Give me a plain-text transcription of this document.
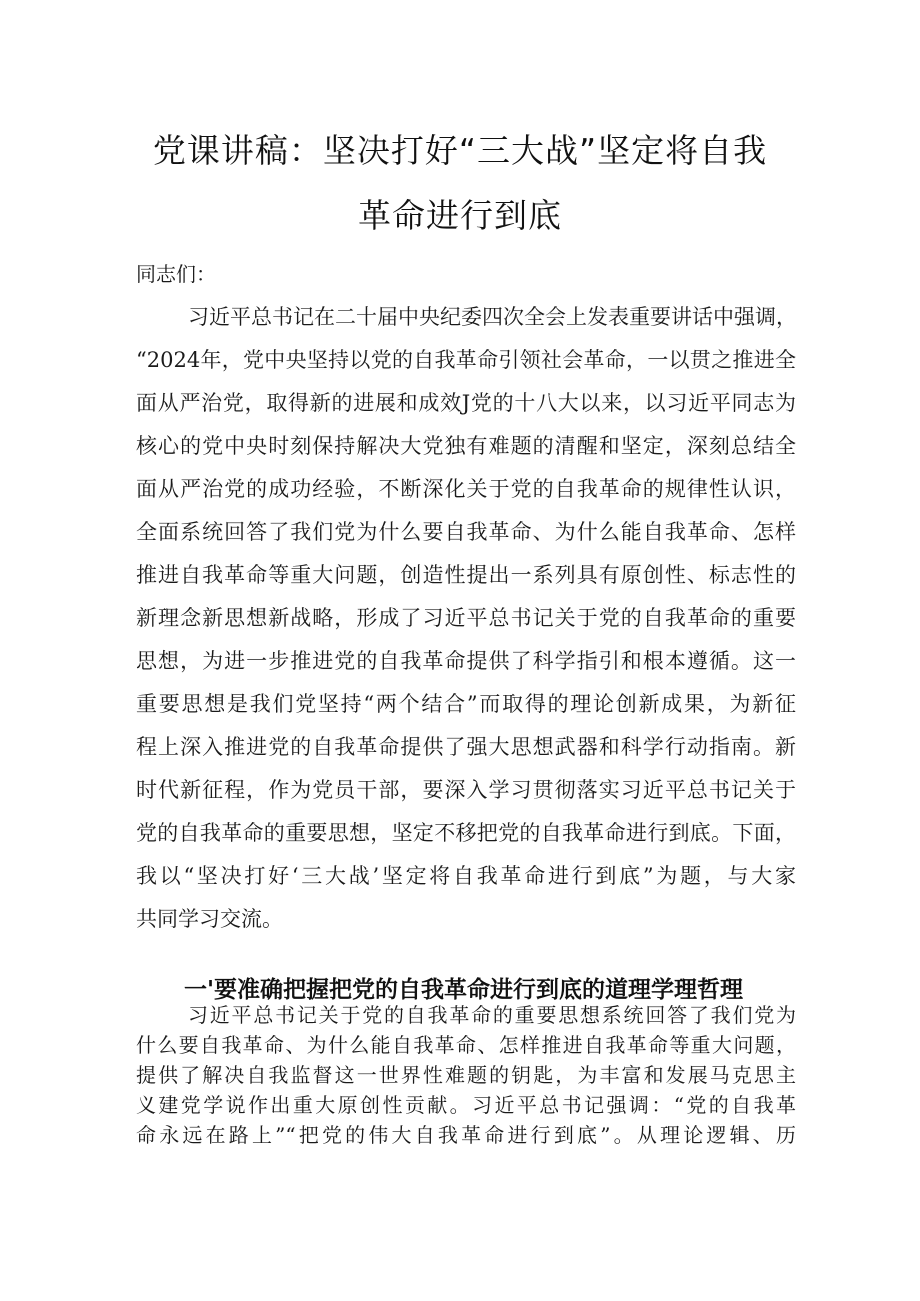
党课讲稿：坚决打好“三大战”坚定将自我
革命进行到底
同志们：
习近平总书记在二十届中央纪委四次全会上发表重要讲话中强调，
“2024年，党中央坚持以党的自我革命引领社会革命，一以贯之推进全
面从严治党，取得新的进展和成效J党的十八大以来，以习近平同志为
核心的党中央时刻保持解决大党独有难题的清醒和坚定，深刻总结全
面从严治党的成功经验，不断深化关于党的自我革命的规律性认识，
全面系统回答了我们党为什么要自我革命、为什么能自我革命、怎样
推进自我革命等重大问题，创造性提出一系列具有原创性、标志性的
新理念新思想新战略，形成了习近平总书记关于党的自我革命的重要
思想，为进一步推进党的自我革命提供了科学指引和根本遵循。这一
重要思想是我们党坚持“两个结合”而取得的理论创新成果，为新征
程上深入推进党的自我革命提供了强大思想武器和科学行动指南。新
时代新征程，作为党员干部，要深入学习贯彻落实习近平总书记关于
党的自我革命的重要思想，坚定不移把党的自我革命进行到底。下面，
我以“坚决打好‘三大战’坚定将自我革命进行到底”为题，与大家
共同学习交流。
一'要准确把握把党的自我革命进行到底的道理学理哲理
习近平总书记关于党的自我革命的重要思想系统回答了我们党为
什么要自我革命、为什么能自我革命、怎样推进自我革命等重大问题，
提供了解决自我监督这一世界性难题的钥匙，为丰富和发展马克思主
义建党学说作出重大原创性贡献。习近平总书记强调：“党的自我革
命永远在路上”“把党的伟大自我革命进行到底”。从理论逻辑、历
